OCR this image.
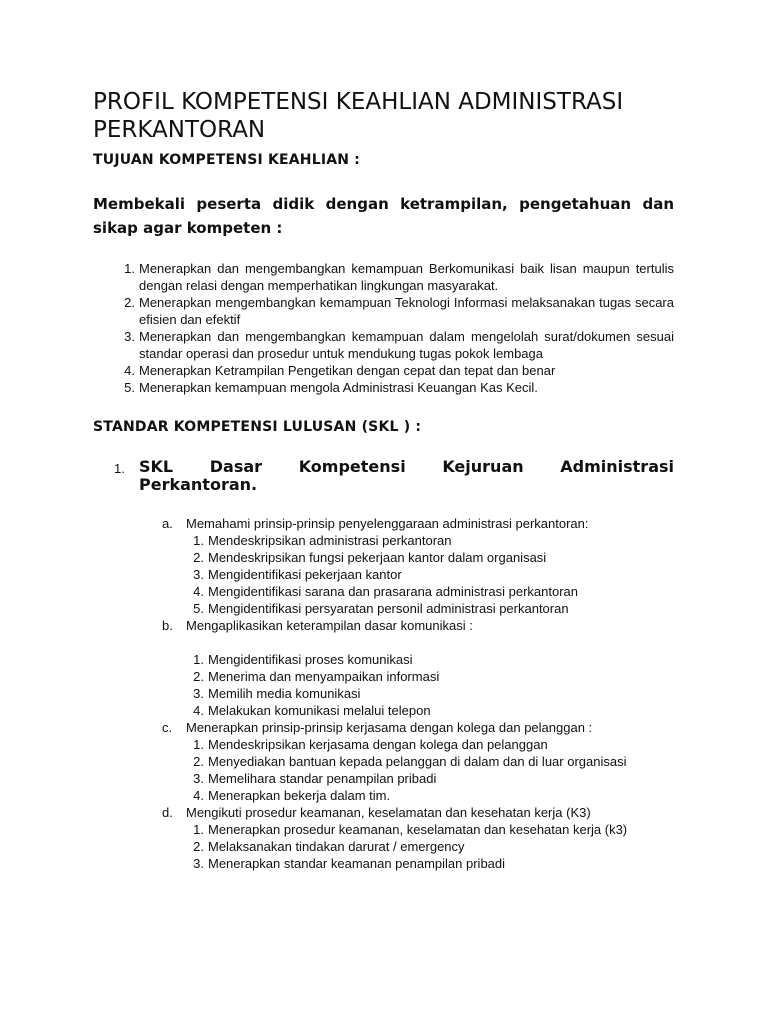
PROFIL KOMPETENSI KEAHLIAN ADMINISTRASI PERKANTORAN
TUJUAN KOMPETENSI KEAHLIAN :

Membekali peserta didik dengan ketrampilan, pengetahuan dan sikap agar kompeten :

1. Menerapkan dan mengembangkan kemampuan Berkomunikasi baik lisan maupun tertulis dengan relasi dengan memperhatikan lingkungan masyarakat.
2. Menerapkan mengembangkan kemampuan Teknologi Informasi melaksanakan tugas secara efisien dan efektif
3. Menerapkan dan mengembangkan kemampuan dalam mengelolah surat/dokumen sesuai standar operasi dan prosedur untuk mendukung tugas pokok lembaga
4. Menerapkan Ketrampilan Pengetikan dengan cepat dan tepat dan benar
5. Menerapkan kemampuan mengola Administrasi Keuangan Kas Kecil.
STANDAR KOMPETENSI LULUSAN (SKL ) :
1. SKL Dasar Kompetensi Kejuruan Administrasi
Perkantoran.
a. Memahami prinsip-prinsip penyelenggaraan administrasi perkantoran:
1. Mendeskripsikan administrasi perkantoran
2. Mendeskripsikan fungsi pekerjaan kantor dalam organisasi
3. Mengidentifikasi pekerjaan kantor
4. Mengidentifikasi sarana dan prasarana administrasi perkantoran
5. Mengidentifikasi persyaratan personil administrasi perkantoran
b. Mengaplikasikan keterampilan dasar komunikasi :
1. Mengidentifikasi proses komunikasi
2. Menerima dan menyampaikan informasi
3. Memilih media komunikasi
4. Melakukan komunikasi melalui telepon
c. Menerapkan prinsip-prinsip kerjasama dengan kolega dan pelanggan :
1. Mendeskripsikan kerjasama dengan kolega dan pelanggan
2. Menyediakan bantuan kepada pelanggan di dalam dan di luar organisasi
3. Memelihara standar penampilan pribadi
4. Menerapkan bekerja dalam tim.
d. Mengikuti prosedur keamanan, keselamatan dan kesehatan kerja (K3)
1. Menerapkan prosedur keamanan, keselamatan dan kesehatan kerja (k3)
2. Melaksanakan tindakan darurat / emergency
3. Menerapkan standar keamanan penampilan pribadi
